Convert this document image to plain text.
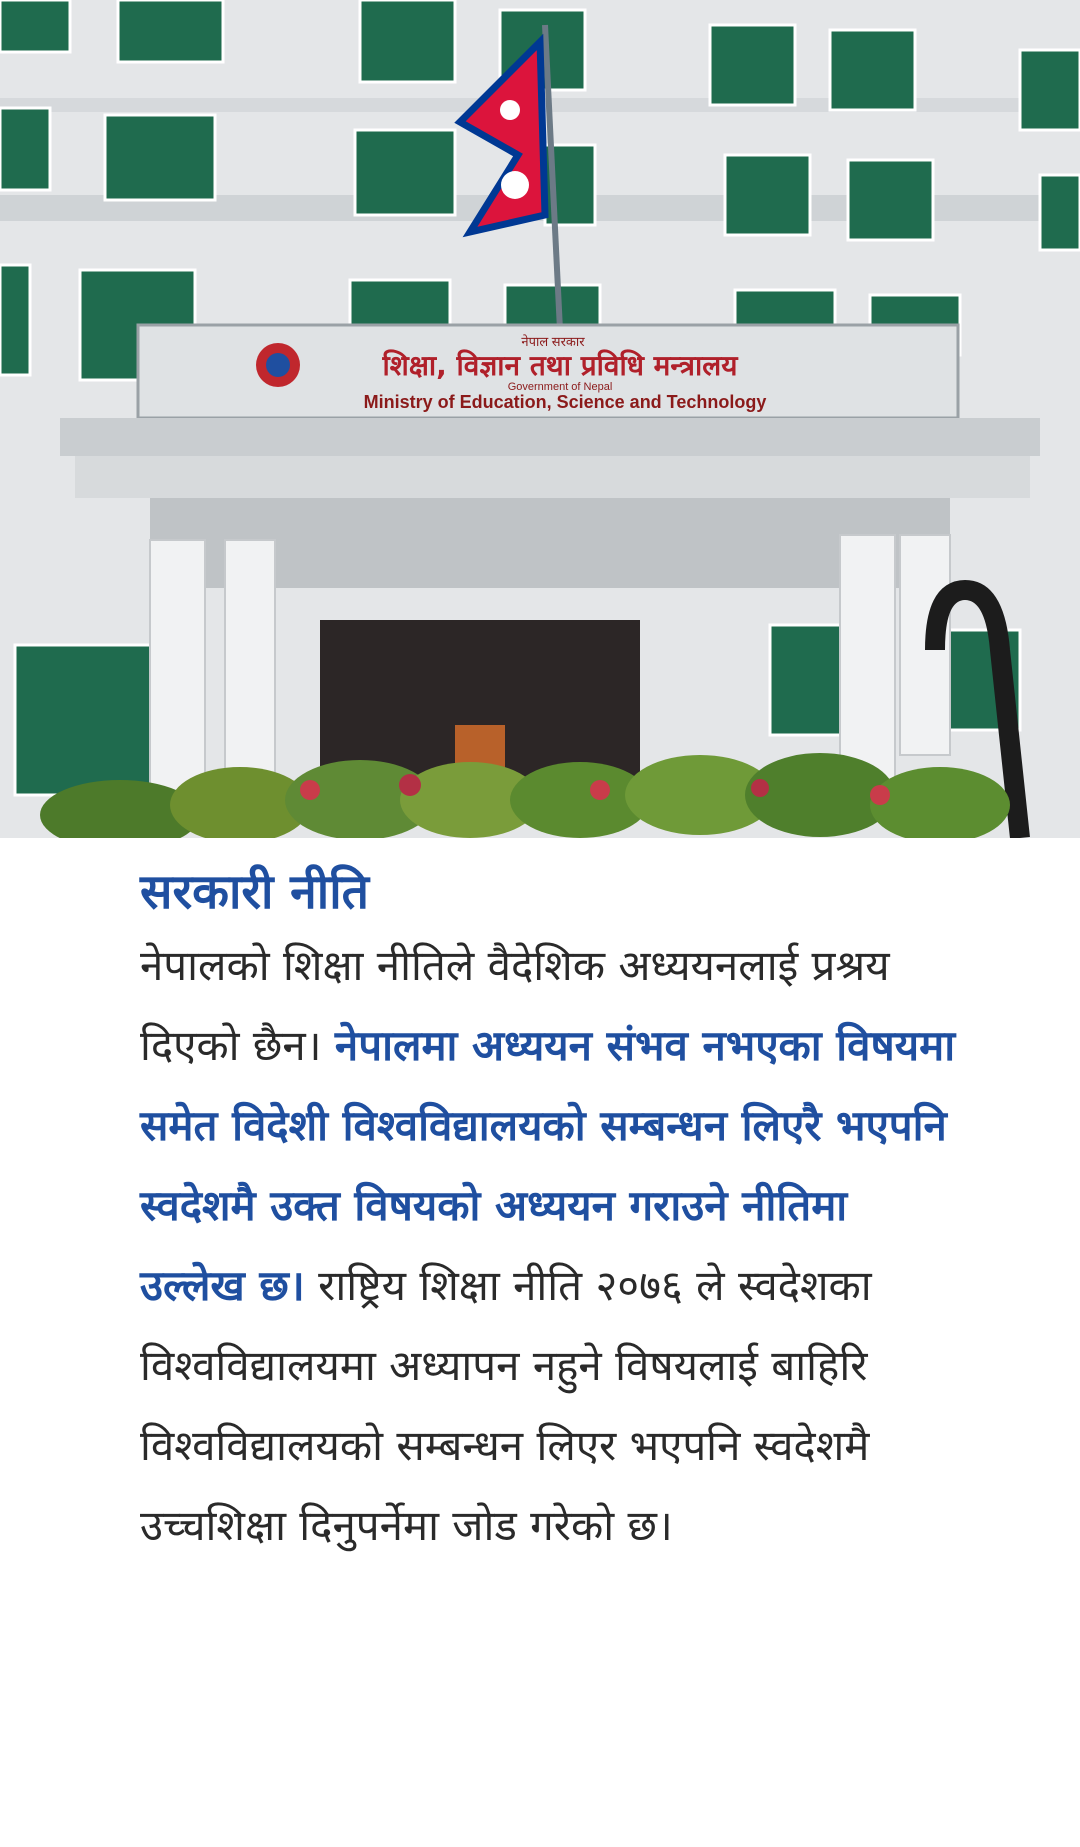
नेपाल सरकार
शिक्षा, विज्ञान तथा प्रविधि मन्त्रालय
Government of Nepal
Ministry of Education, Science and Technology
सरकारी नीति

नेपालको शिक्षा नीतिले वैदेशिक अध्ययनलाई प्रश्रय दिएको छैन। नेपालमा अध्ययन संभव नभएका विषयमा समेत विदेशी विश्वविद्यालयको सम्बन्धन लिएरै भएपनि स्वदेशमै उक्त विषयको अध्ययन गराउने नीतिमा उल्लेख छ। राष्ट्रिय शिक्षा नीति २०७६ ले स्वदेशका विश्वविद्यालयमा अध्यापन नहुने विषयलाई बाहिरि विश्वविद्यालयको सम्बन्धन लिएर भएपनि स्वदेशमै उच्चशिक्षा दिनुपर्नेमा जोड गरेको छ।
